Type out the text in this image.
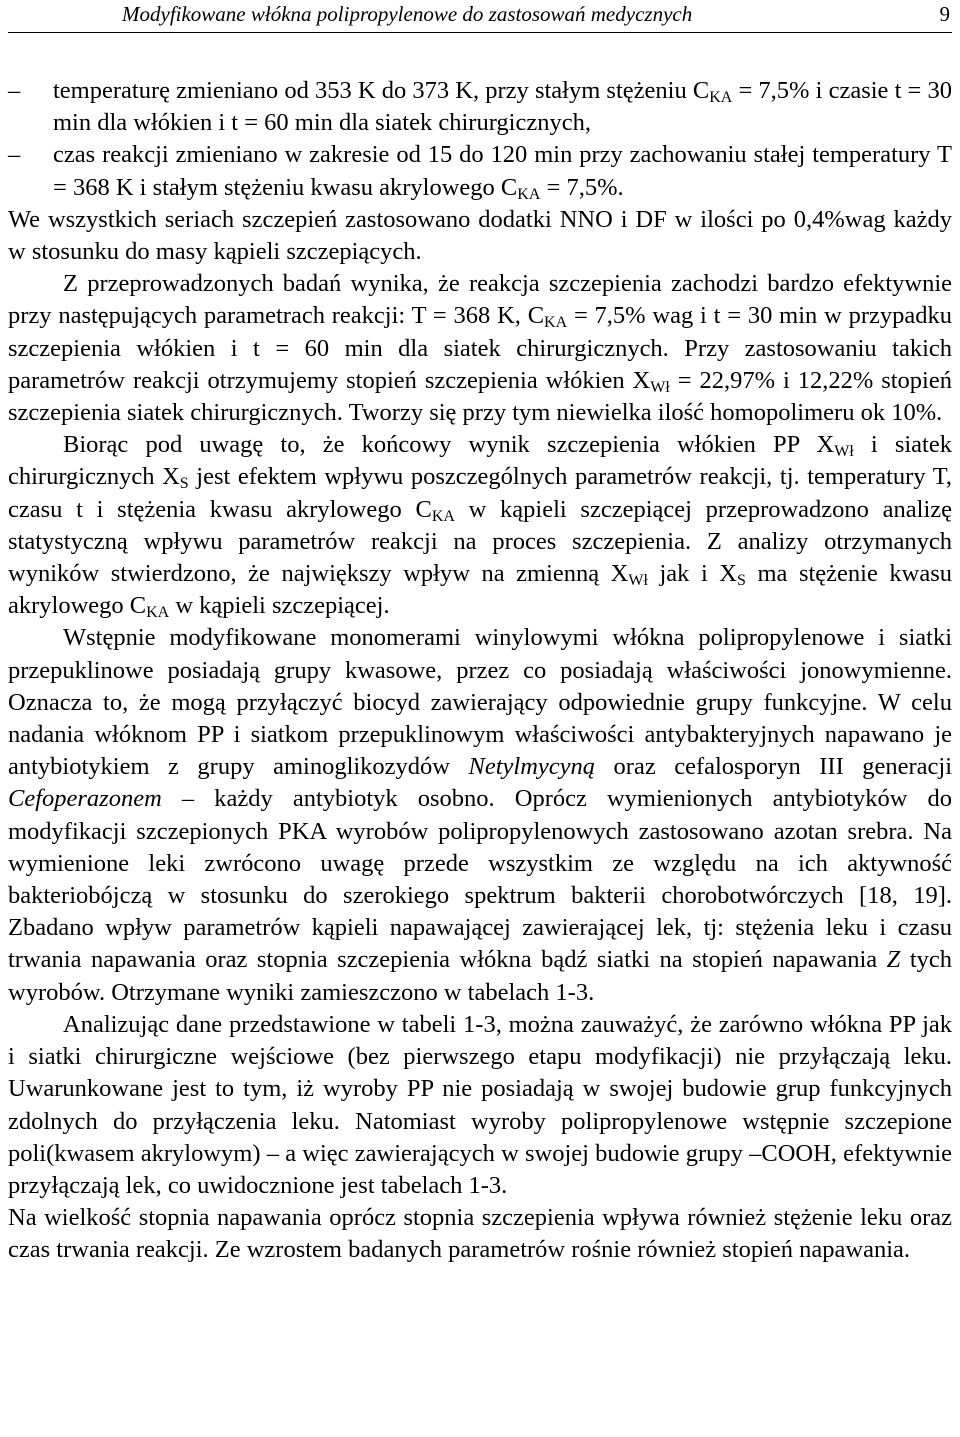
Modyfikowane włókna polipropylenowe do zastosowań medycznych	9

– temperaturę zmieniano od 353 K do 373 K, przy stałym stężeniu $C_{KA} = 7,5\%$ i czasie t = 30 min dla włókien i t = 60 min dla siatek chirurgicznych,

– czas reakcji zmieniano w zakresie od 15 do 120 min przy zachowaniu stałej temperatury T = 368 K i stałym stężeniu kwasu akrylowego $C_{KA} = 7,5\%$.

We wszystkich seriach szczepień zastosowano dodatki NNO i DF w ilości po 0,4%wag każdy w stosunku do masy kąpieli szczepiących.

Z przeprowadzonych badań wynika, że reakcja szczepienia zachodzi bardzo efektywnie przy następujących parametrach reakcji: T = 368 K, $C_{KA} = 7,5\%$ wag i t = 30 min w przypadku szczepienia włókien i t = 60 min dla siatek chirurgicznych. Przy zastosowaniu takich parametrów reakcji otrzymujemy stopień szczepienia włókien $X_{Wł} = 22,97\%$ i 12,22% stopień szczepienia siatek chirurgicznych. Tworzy się przy tym niewielka ilość homopolimeru ok 10%.

Biorąc pod uwagę to, że końcowy wynik szczepienia włókien PP $X_{Wł}$ i siatek chirurgicznych $X_S$ jest efektem wpływu poszczególnych parametrów reakcji, tj. temperatury T, czasu t i stężenia kwasu akrylowego $C_{KA}$ w kąpieli szczepiącej przeprowadzono analizę statystyczną wpływu parametrów reakcji na proces szczepienia. Z analizy otrzymanych wyników stwierdzono, że największy wpływ na zmienną $X_{Wł}$ jak i $X_S$ ma stężenie kwasu akrylowego $C_{KA}$ w kąpieli szczepiącej.

Wstępnie modyfikowane monomerami winylowymi włókna polipropylenowe i siatki przepuklinowe posiadają grupy kwasowe, przez co posiadają właściwości jonowymienne. Oznacza to, że mogą przyłączyć biocyd zawierający odpowiednie grupy funkcyjne. W celu nadania włóknom PP i siatkom przepuklinowym właściwości antybakteryjnych napawano je antybiotykiem z grupy aminoglikozydów Netylmycyną oraz cefalosporyn III generacji Cefoperazonem – każdy antybiotyk osobno. Oprócz wymienionych antybiotyków do modyfikacji szczepionych PKA wyrobów polipropylenowych zastosowano azotan srebra. Na wymienione leki zwrócono uwagę przede wszystkim ze względu na ich aktywność bakteriobójczą w stosunku do szerokiego spektrum bakterii chorobotwórczych [18, 19]. Zbadano wpływ parametrów kąpieli napawającej zawierającej lek, tj: stężenia leku i czasu trwania napawania oraz stopnia szczepienia włókna bądź siatki na stopień napawania Z tych wyrobów. Otrzymane wyniki zamieszczono w tabelach 1-3.

Analizując dane przedstawione w tabeli 1-3, można zauważyć, że zarówno włókna PP jak i siatki chirurgiczne wejściowe (bez pierwszego etapu modyfikacji) nie przyłączają leku. Uwarunkowane jest to tym, iż wyroby PP nie posiadają w swojej budowie grup funkcyjnych zdolnych do przyłączenia leku. Natomiast wyroby polipropylenowe wstępnie szczepione poli(kwasem akrylowym) – a więc zawierających w swojej budowie grupy –COOH, efektywnie przyłączają lek, co uwidocznione jest tabelach 1-3.

Na wielkość stopnia napawania oprócz stopnia szczepienia wpływa również stężenie leku oraz czas trwania reakcji. Ze wzrostem badanych parametrów rośnie również stopień napawania.
